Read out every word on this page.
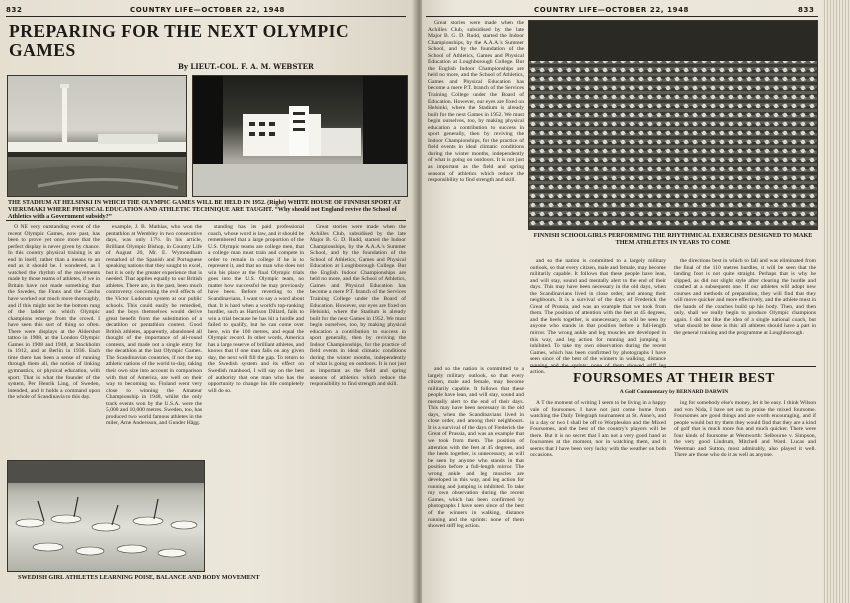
832	COUNTRY LIFE—OCTOBER 22, 1948
PREPARING FOR THE NEXT OLYMPIC GAMES
By LIEUT.-COL. F. A. M. WEBSTER
THE STADIUM AT HELSINKI IN WHICH THE OLYMPIC GAMES WILL BE HELD IN 1952. (Right) WHITE HOUSE OF FINNISH SPORT AT VIERUMAKI WHERE PHYSICAL EDUCATION AND ATHLETIC TECHNIQUE ARE TAUGHT. “Why should not England revive the School of Athletics with a Government subsidy?”

O NE very outstanding event of the recent Olympic Games, now past, has been to prove yet once more that the perfect display is never given by chance. In this country physical training is an end in itself, rather than a means to an end as it should be. I wondered, as I watched the rhythm of the movements made by those teams of athletes, if we in Britain have not made something that the Swedes, the Finns and the Czechs have worked out much more thoroughly, and if this might not be the bottom rung of the ladder on which Olympic champions emerge from the crowd. I have seen this sort of thing so often. There were displays at the Aldershot tattoo in 1908, at the London Olympic Games in 1908 and 1948, at Stockholm in 1912, and at Berlin in 1936. Each time there has been a sense of running through them all, the notion of linking gymnastics, or physical education, with sport. That is what the founder of the system, Per Henrik Ling, of Sweden, intended, and it holds a command upon the whole of Scandinavia to this day.

example, J. B. Mathias, who won the pentathlon at Wembley in two consecutive days, was only 17½. In his article, Brilliant Olympic Bishop, in Country Life of August 20, Mr. E. Wymondham remarked of the Spanish and Portuguese speaking nations that they sought to excel, but it is only the greater experience that is needed. That applies equally to our British athletes. There are, in the past, been much controversy concerning the evil effects of the Victor Ludorum system at our public schools. This could easily be remedied, and the boys themselves would derive great benefit from the substitution of a decathlon or pentathlon contest. Good British athletes, apparently, abandoned all thought of the importance of all-round contests, and made not a single entry for the decathlon at the last Olympic Games. The Scandinavian countries, if not the top athletic nations of the world to-day, taking their own size into account in comparison with that of America, are well on their way to becoming so. Finland went very close to winning the Amateur Championship in 1948, whilst the only track events won by the U.S.A. were the 5,000 and 10,000 metres. Sweden, too, has produced two world famous athletes in the miler, Arne Andersson, and Gunder Hägg.

standing has its paid professional coach, whose word is law, and it should be remembered that a large proportion of the U.S. Olympic teams are college men, that a college man must train and compete in order to remain in college if he is to represent it, and that no man who does not win his place at the final Olympic trials goes into the U.S. Olympic team, no matter how successful he may previously have been. Before reverting to the Scandinavians, I want to say a word about that. It is hard when a world's top-ranking hurdler, such as Harrison Dillard, fails to win a trial because he has hit a hurdle and failed to qualify, but he can come over here, win the 100 metres, and equal the Olympic record. In other words, America has a large reserve of brilliant athletes, and knows that if one man falls on any given day, the next will fill the gap. To return to the Swedish system and its effect on Swedish manhood, I will say on the best of authority that one man who has the opportunity to change his life completely will do so.

Great stories were made when the Achilles Club, subsidised by the late Major B. G. D. Rudd, started the Indoor Championships, by the A.A.A.'s Summer School, and by the foundation of the School of Athletics, Games and Physical Education at Loughborough College. But the English Indoor Championships are held no more, and the School of Athletics, Games and Physical Education has become a mere P.T. branch of the Services Training College under the Board of Education. However, our eyes are fixed on Helsinki, where the Stadium is already built for the next Games in 1952. We must begin ourselves, too, by making physical education a contribution to success in sport generally, then by reviving the Indoor Championships, for the practice of field events in ideal climatic conditions during the winter months, independently of what is going on outdoors. It is not just as important as the field and spring seasons of athletics which reduce the responsibility to find strength and skill.

SWEDISH GIRL ATHLETES LEARNING POISE, BALANCE AND BODY MOVEMENT
COUNTRY LIFE—OCTOBER 22, 1948	833
FINNISH SCHOOLGIRLS PERFORMING THE RHYTHMICAL EXERCISES DESIGNED TO MAKE THEM ATHLETES IN YEARS TO COME

Great stories were made when the Achilles Club, subsidised by the late Major B. G. D. Rudd, started the Indoor Championships, by the A.A.A.'s Summer School, and by the foundation of the School of Athletics, Games and Physical Education at Loughborough College. But the English Indoor Championships are held no more, and the School of Athletics, Games and Physical Education has become a mere P.T. branch of the Services Training College under the Board of Education. However, our eyes are fixed on Helsinki, where the Stadium is already built for the next Games in 1952. We must begin ourselves, too, by making physical education a contribution to success in sport generally, then by reviving the Indoor Championships, for the practice of field events in ideal climatic conditions during the winter months, independently of what is going on outdoors. It is not just as important as the field and spring seasons of athletics which reduce the responsibility to find strength and skill.

and so the nation is committed to a largely military outlook, so that every citizen, male and female, may become militarily capable. It follows that these people have lean, and will stay, sound and mentally alert to the end of their days. This may have been necessary in the old days, when the Scandinavians lived in close order, and among their neighbours. It is a survival of the days of Frederick the Great of Prussia, and was an example that we took from them. The position of attention with the feet at 45 degrees, and the heels together, is unnecessary, as will be seen by anyone who stands in that position before a full-length mirror. The wrong ankle and leg muscles are developed in this way, and leg action for running and jumping is inhibited. To take my own observation during the recent Games, which has been confirmed by photographs I have seen since of the best of the winners in walking, distance action.

the directions best in which to fall and was eliminated from the final of the 110 metres hurdles, it will be seen that the landing foot is not quite straight. Perhaps that is why he slipped, as did not slight style after clearing the hurdle and crashed at a subsequent one. If our athletes will adopt new courses and methods of preparation, they will find that they will move quicker and more effectively, and the athlete must in the hands of the coaches build up his body. Then, and then only, shall we really begin to produce Olympic champions again. I did not like the idea of a single national coach, but what should be done is this: all athletes should have a part in the general training and the programme at Loughborough.

FOURSOMES AT THEIR BEST
A Golf Commentary by BERNARD DARWIN

and so the nation is committed to a largely military outlook, so that every citizen, male and female, may become militarily capable. It follows that these people have lean, and will stay, sound and mentally alert to the end of their days. This may have been necessary in the old days, when the Scandinavians lived in close order, and among their neighbours. It is a survival of the days of Frederick the Great of Prussia, and was an example that we took from them. The position of attention with the feet at 45 degrees, and the heels together, is unnecessary, as will be seen by anyone who stands in that position before a full-length mirror. The wrong ankle and leg muscles are developed in this way, and leg action for running and jumping is inhibited. To take my own observation during the recent Games, which has been confirmed by photographs I have seen since of the best of the winners in walking, distance running and the sprints: none of them showed stiff leg action.

A T the moment of writing I seem to be living in a happy vale of foursomes. I have not just come home from watching the Daily Telegraph tournament at St. Anne's, and in a day or two I shall be off to Worplesdon and the Mixed Foursomes, and the best of the country's players will be there. But it is no secret that I am not a very good hand at foursomes at the moment, nor in watching them, and it seems that I have been very lucky with the weather on both occasions.

ing for somebody else's money, let it be easy. I think Wilson and von Nida, I have set out to praise the mixed foursome. Foursomes are good things and are worth encouraging, and if people would but try them they would find that they are a kind of golf that is much more fun and much quicker. There were four kinds of foursome at Wentworth: Selbourne v. Simpson, the very good Lindrum, Mitchell and Ward. Lucas and Weetman and Sutton, most admirably, also played it well. There are those who do it as well as anyone.
